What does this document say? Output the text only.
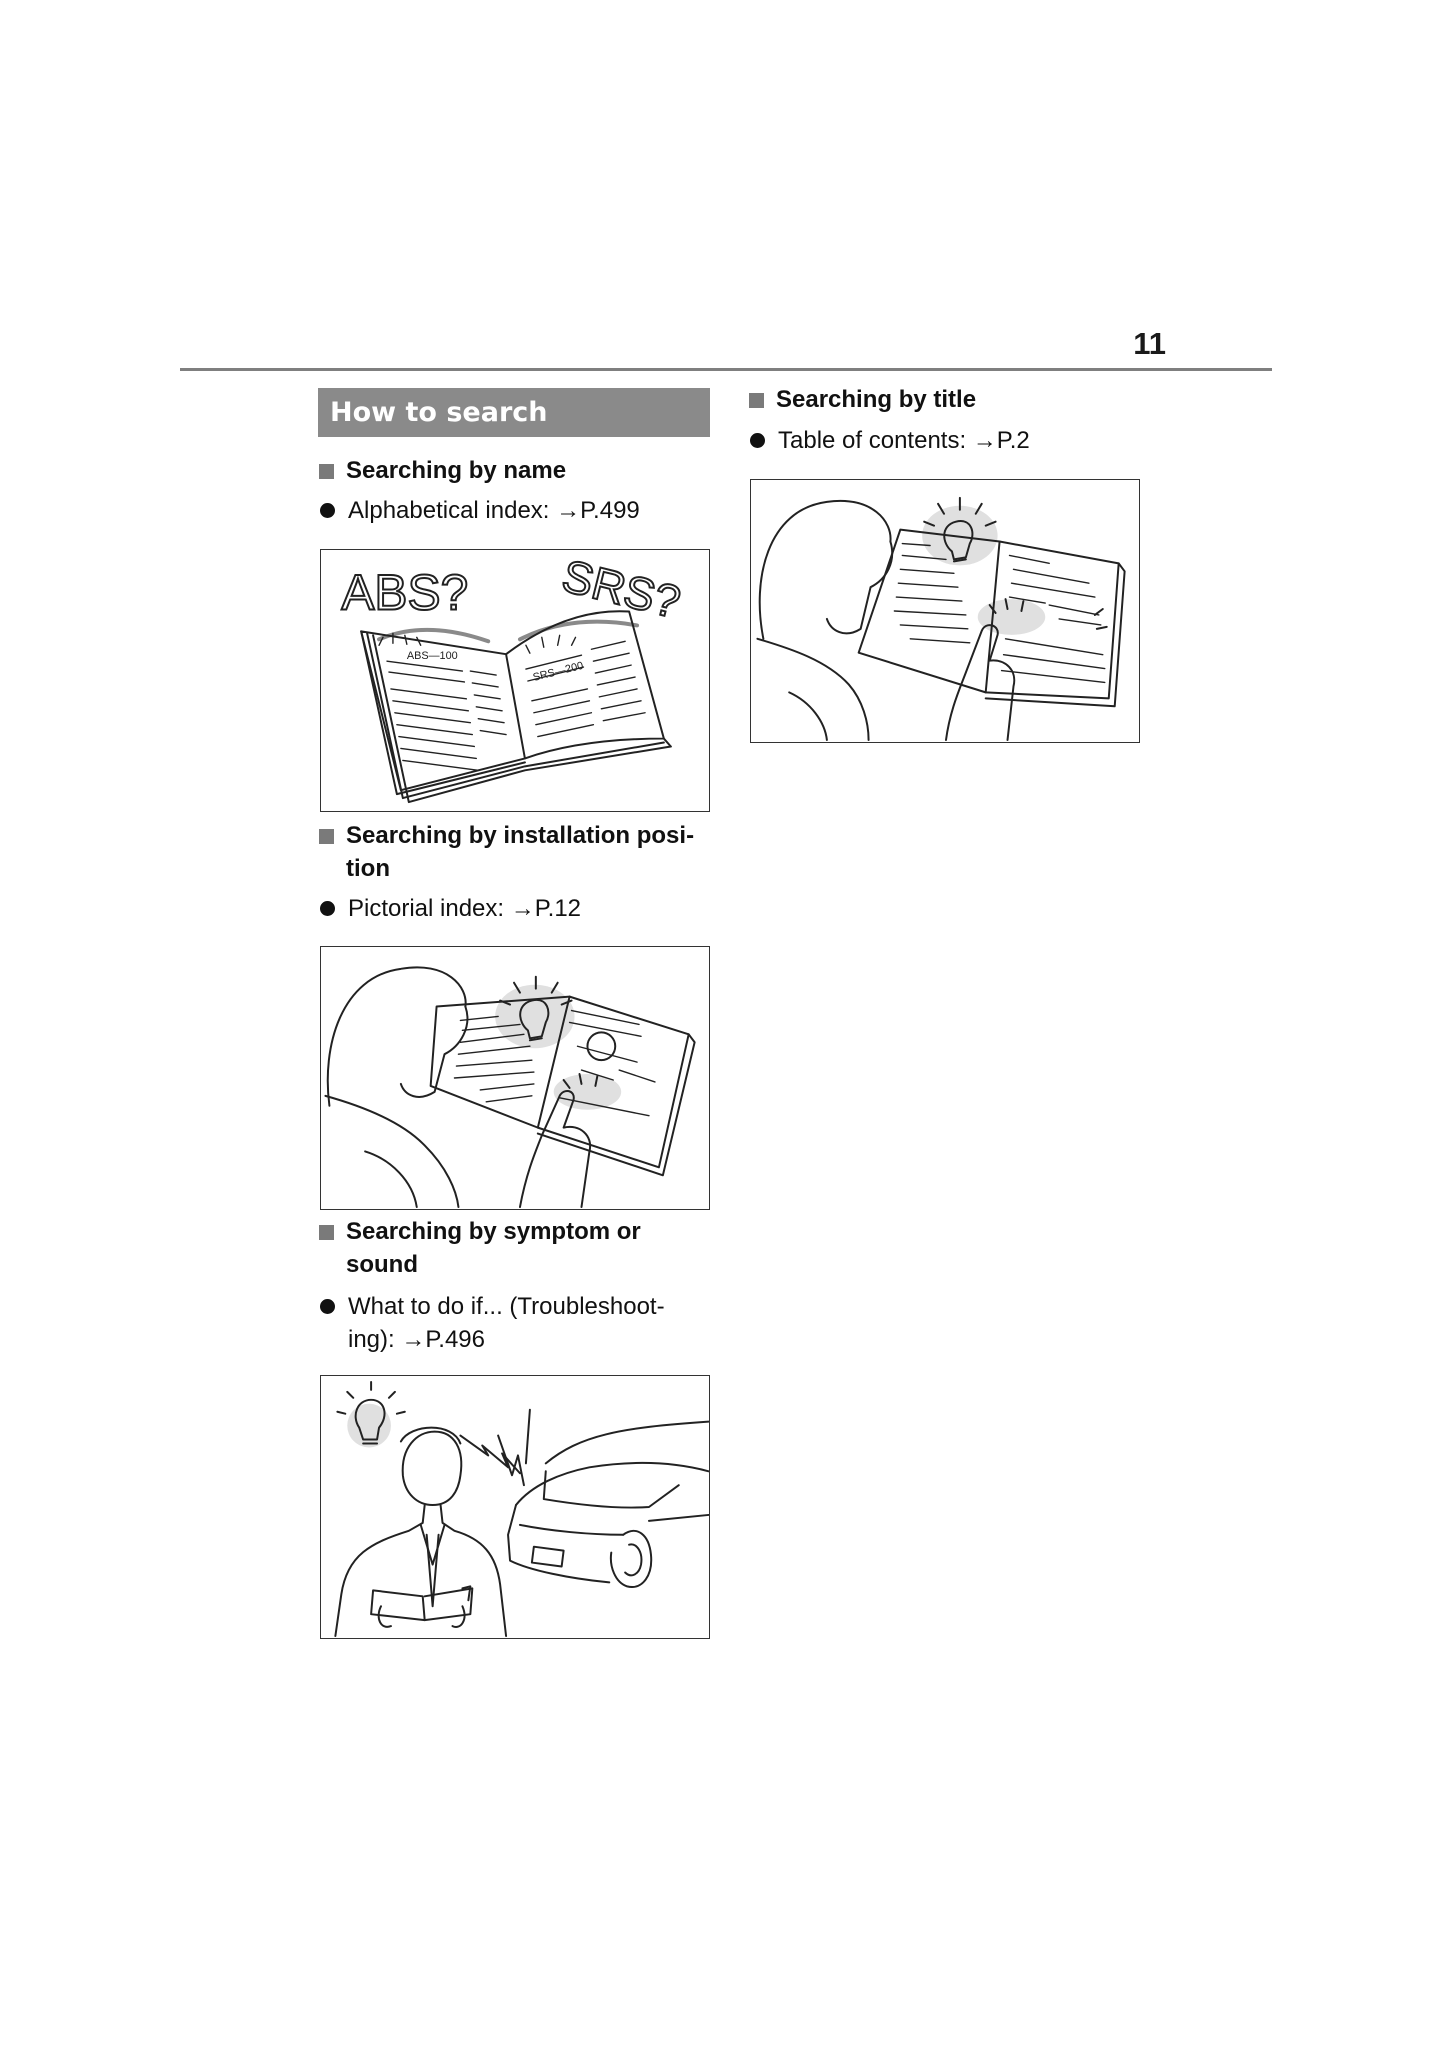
11
How to search
Searching by name
Alphabetical index: →P.499
ABS—100
SRS—200
ABS? SRS?
Searching by installation posi-
tion
Pictorial index: →P.12
Searching by symptom or
sound
What to do if... (Troubleshoot-
ing): →P.496
Searching by title
Table of contents: →P.2
